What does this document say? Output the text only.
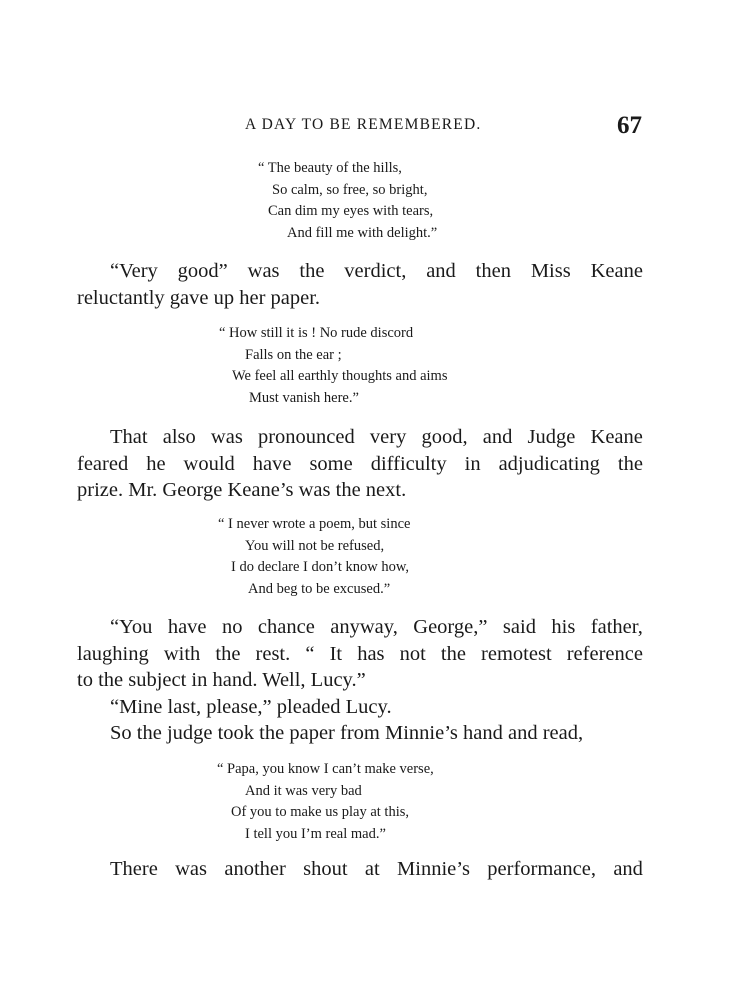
A DAY TO BE REMEMBERED.	67
“ The beauty of the hills,
So calm, so free, so bright,
Can dim my eyes with tears,
And fill me with delight.”
“Very good” was the verdict, and then Miss Keane
reluctantly gave up her paper.
“ How still it is ! No rude discord
Falls on the ear ;
We feel all earthly thoughts and aims
Must vanish here.”
That also was pronounced very good, and Judge Keane
feared he would have some difficulty in adjudicating the
prize. Mr. George Keane’s was the next.
“ I never wrote a poem, but since
You will not be refused,
I do declare I don’t know how,
And beg to be excused.”
“You have no chance anyway, George,” said his father,
laughing with the rest. “ It has not the remotest reference
to the subject in hand. Well, Lucy.”
“Mine last, please,” pleaded Lucy.
So the judge took the paper from Minnie’s hand and read,
“ Papa, you know I can’t make verse,
And it was very bad
Of you to make us play at this,
I tell you I’m real mad.”
There was another shout at Minnie’s performance, and
